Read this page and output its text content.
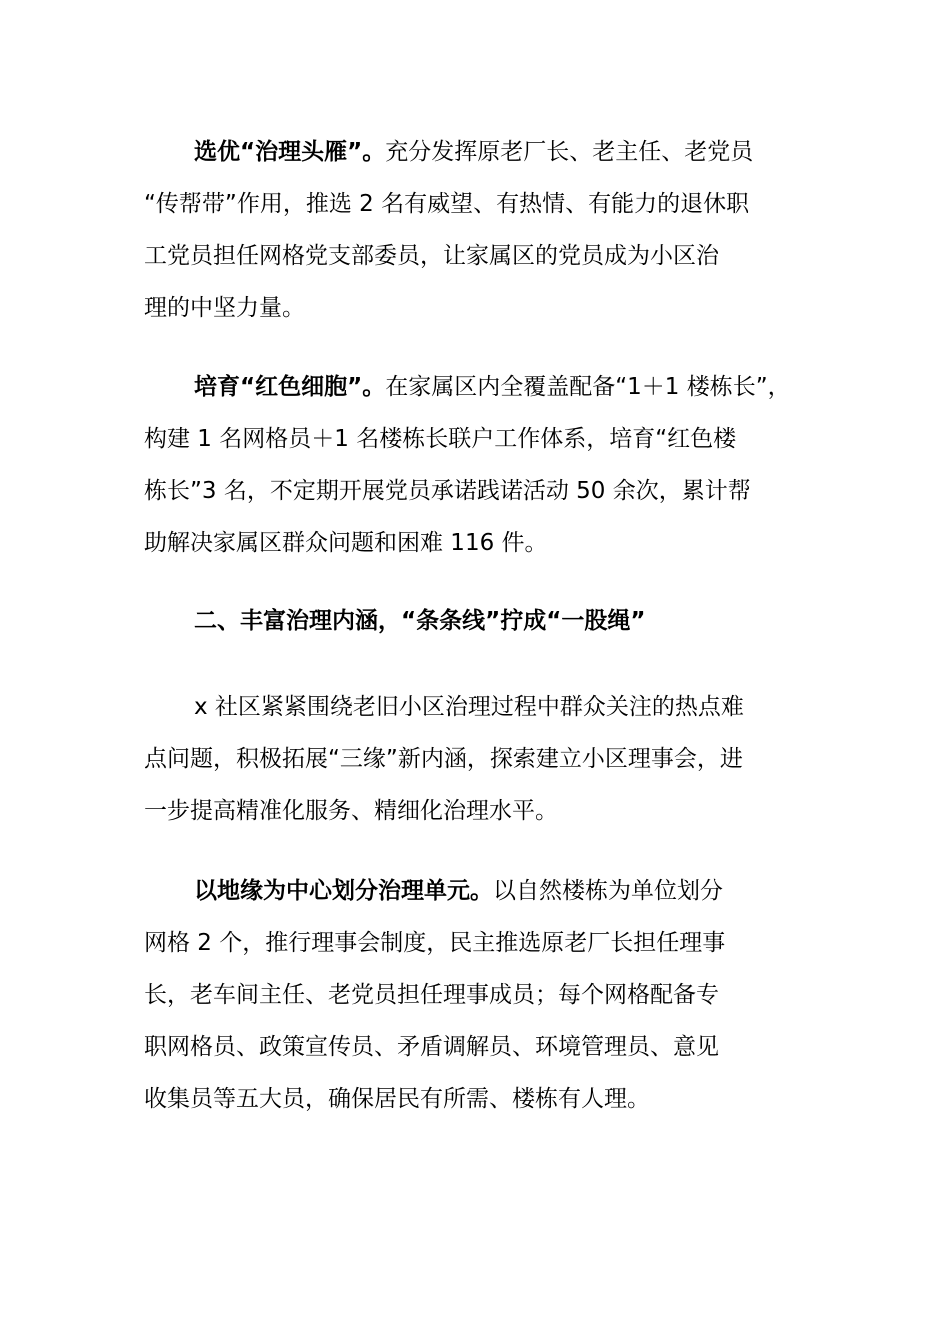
选优“治理头雁”。充分发挥原老厂长、老主任、老党员
“传帮带”作用，推选 2 名有威望、有热情、有能力的退休职
工党员担任网格党支部委员，让家属区的党员成为小区治
理的中坚力量。
培育“红色细胞”。在家属区内全覆盖配备“1＋1 楼栋长”，
构建 1 名网格员＋1 名楼栋长联户工作体系，培育“红色楼
栋长”3 名，不定期开展党员承诺践诺活动 50 余次，累计帮
助解决家属区群众问题和困难 116 件。
二、丰富治理内涵，“条条线”拧成“一股绳”
x 社区紧紧围绕老旧小区治理过程中群众关注的热点难
点问题，积极拓展“三缘”新内涵，探索建立小区理事会，进
一步提高精准化服务、精细化治理水平。
以地缘为中心划分治理单元。以自然楼栋为单位划分
网格 2 个，推行理事会制度，民主推选原老厂长担任理事
长，老车间主任、老党员担任理事成员；每个网格配备专
职网格员、政策宣传员、矛盾调解员、环境管理员、意见
收集员等五大员，确保居民有所需、楼栋有人理。
